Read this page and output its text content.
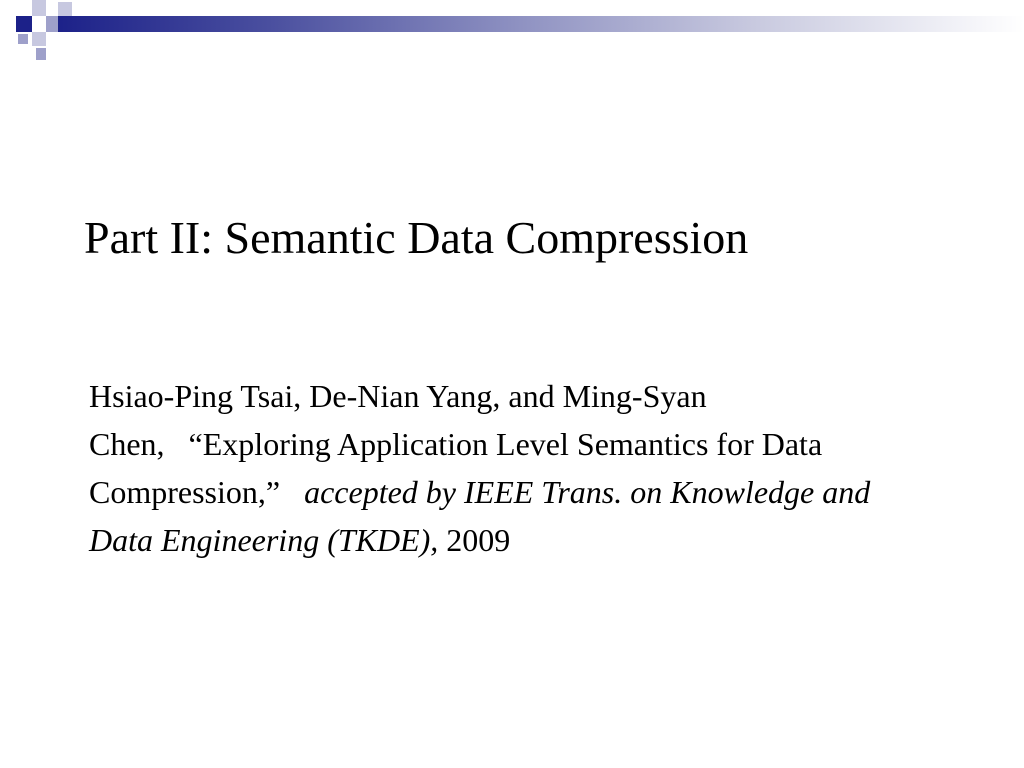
Part II: Semantic Data Compression

Hsiao-Ping Tsai, De-Nian Yang, and Ming-Syan Chen, “Exploring Application Level Semantics for Data Compression,” accepted by IEEE Trans. on Knowledge and Data Engineering (TKDE), 2009
